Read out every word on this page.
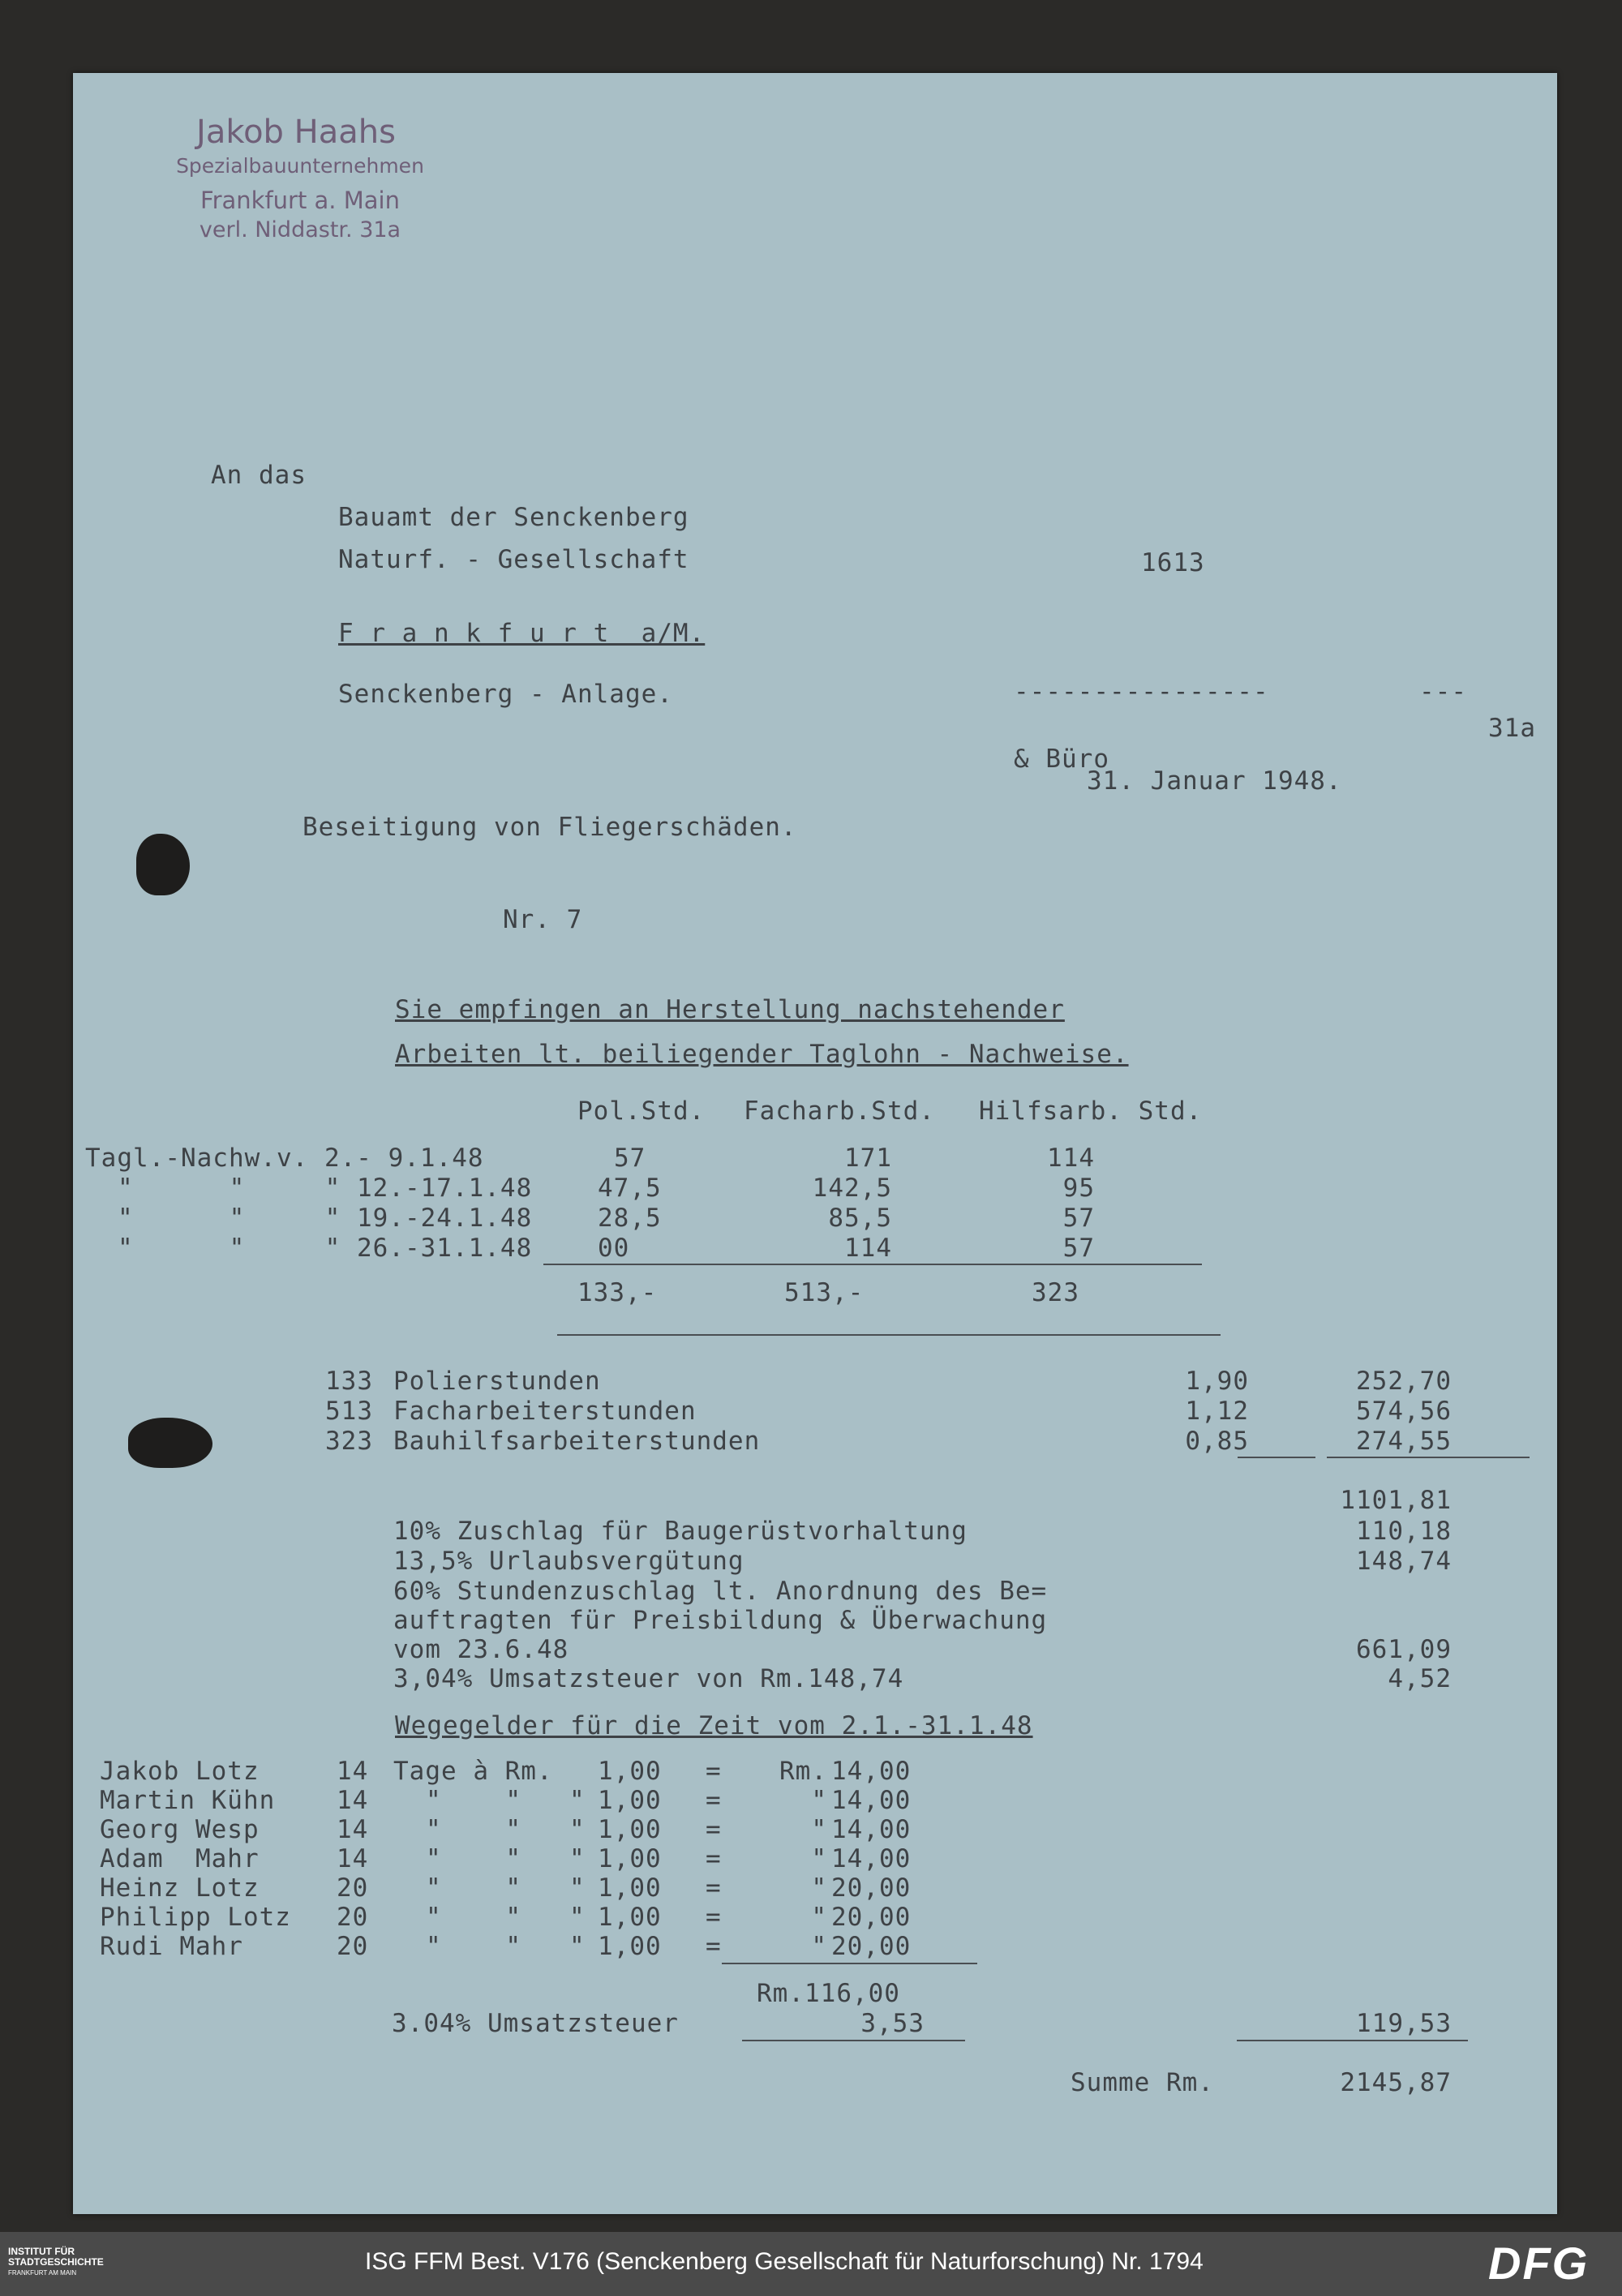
Jakob Haahs
Spezialbauunternehmen
Frankfurt a. Main
verl. Niddastr. 31a
An das
Bauamt der Senckenberg
Naturf. - Gesellschaft
F r a n k f u r t  a/M.
Senckenberg - Anlage.
1613
----------------	---
31a
& Büro
31. Januar 1948.
Beseitigung von Fliegerschäden.
Nr. 7
Sie empfingen an Herstellung nachstehender
Arbeiten lt. beiliegender Taglohn - Nachweise.
Pol.Std. Facharb.Std. Hilfsarb. Std.
Tagl.-Nachw.v. 2.- 9.1.48	57	171	114
"      "     " 12.-17.1.48	47,5	142,5	95
"      "     " 19.-24.1.48	28,5	85,5	57
"      "     " 26.-31.1.48	00	114	57
133,-	513,-	323
133 Polierstunden	1,90	252,70
513 Facharbeiterstunden	1,12	574,56
323 Bauhilfsarbeiterstunden	0,85	274,55
1101,81
10% Zuschlag für Baugerüstvorhaltung	110,18
13,5% Urlaubsvergütung	148,74
60% Stundenzuschlag lt. Anordnung des Be=
auftragten für Preisbildung & Überwachung
vom 23.6.48	661,09
3,04% Umsatzsteuer von Rm.148,74	4,52
Wegegelder für die Zeit vom 2.1.-31.1.48
Jakob Lotz	14 Tage à Rm. 1,00 =	Rm. 14,00
Martin Kühn 14 "    "   " 1,00 =	" 14,00
Georg Wesp	14 "    "   " 1,00 =	" 14,00
Adam  Mahr	14 "    "   " 1,00 =	" 14,00
Heinz Lotz	20 "    "   " 1,00 =	" 20,00
Philipp Lotz 20 "    "   " 1,00 =	" 20,00
Rudi Mahr	20 "    "   " 1,00 =	" 20,00
Rm.116,00
3.04% Umsatzsteuer	3,53	119,53
Summe Rm.	2145,87
INSTITUT FÜR
STADTGESCHICHTE
FRANKFURT AM MAIN	ISG FFM Best. V176 (Senckenberg Gesellschaft für Naturforschung) Nr. 1794	DFG
